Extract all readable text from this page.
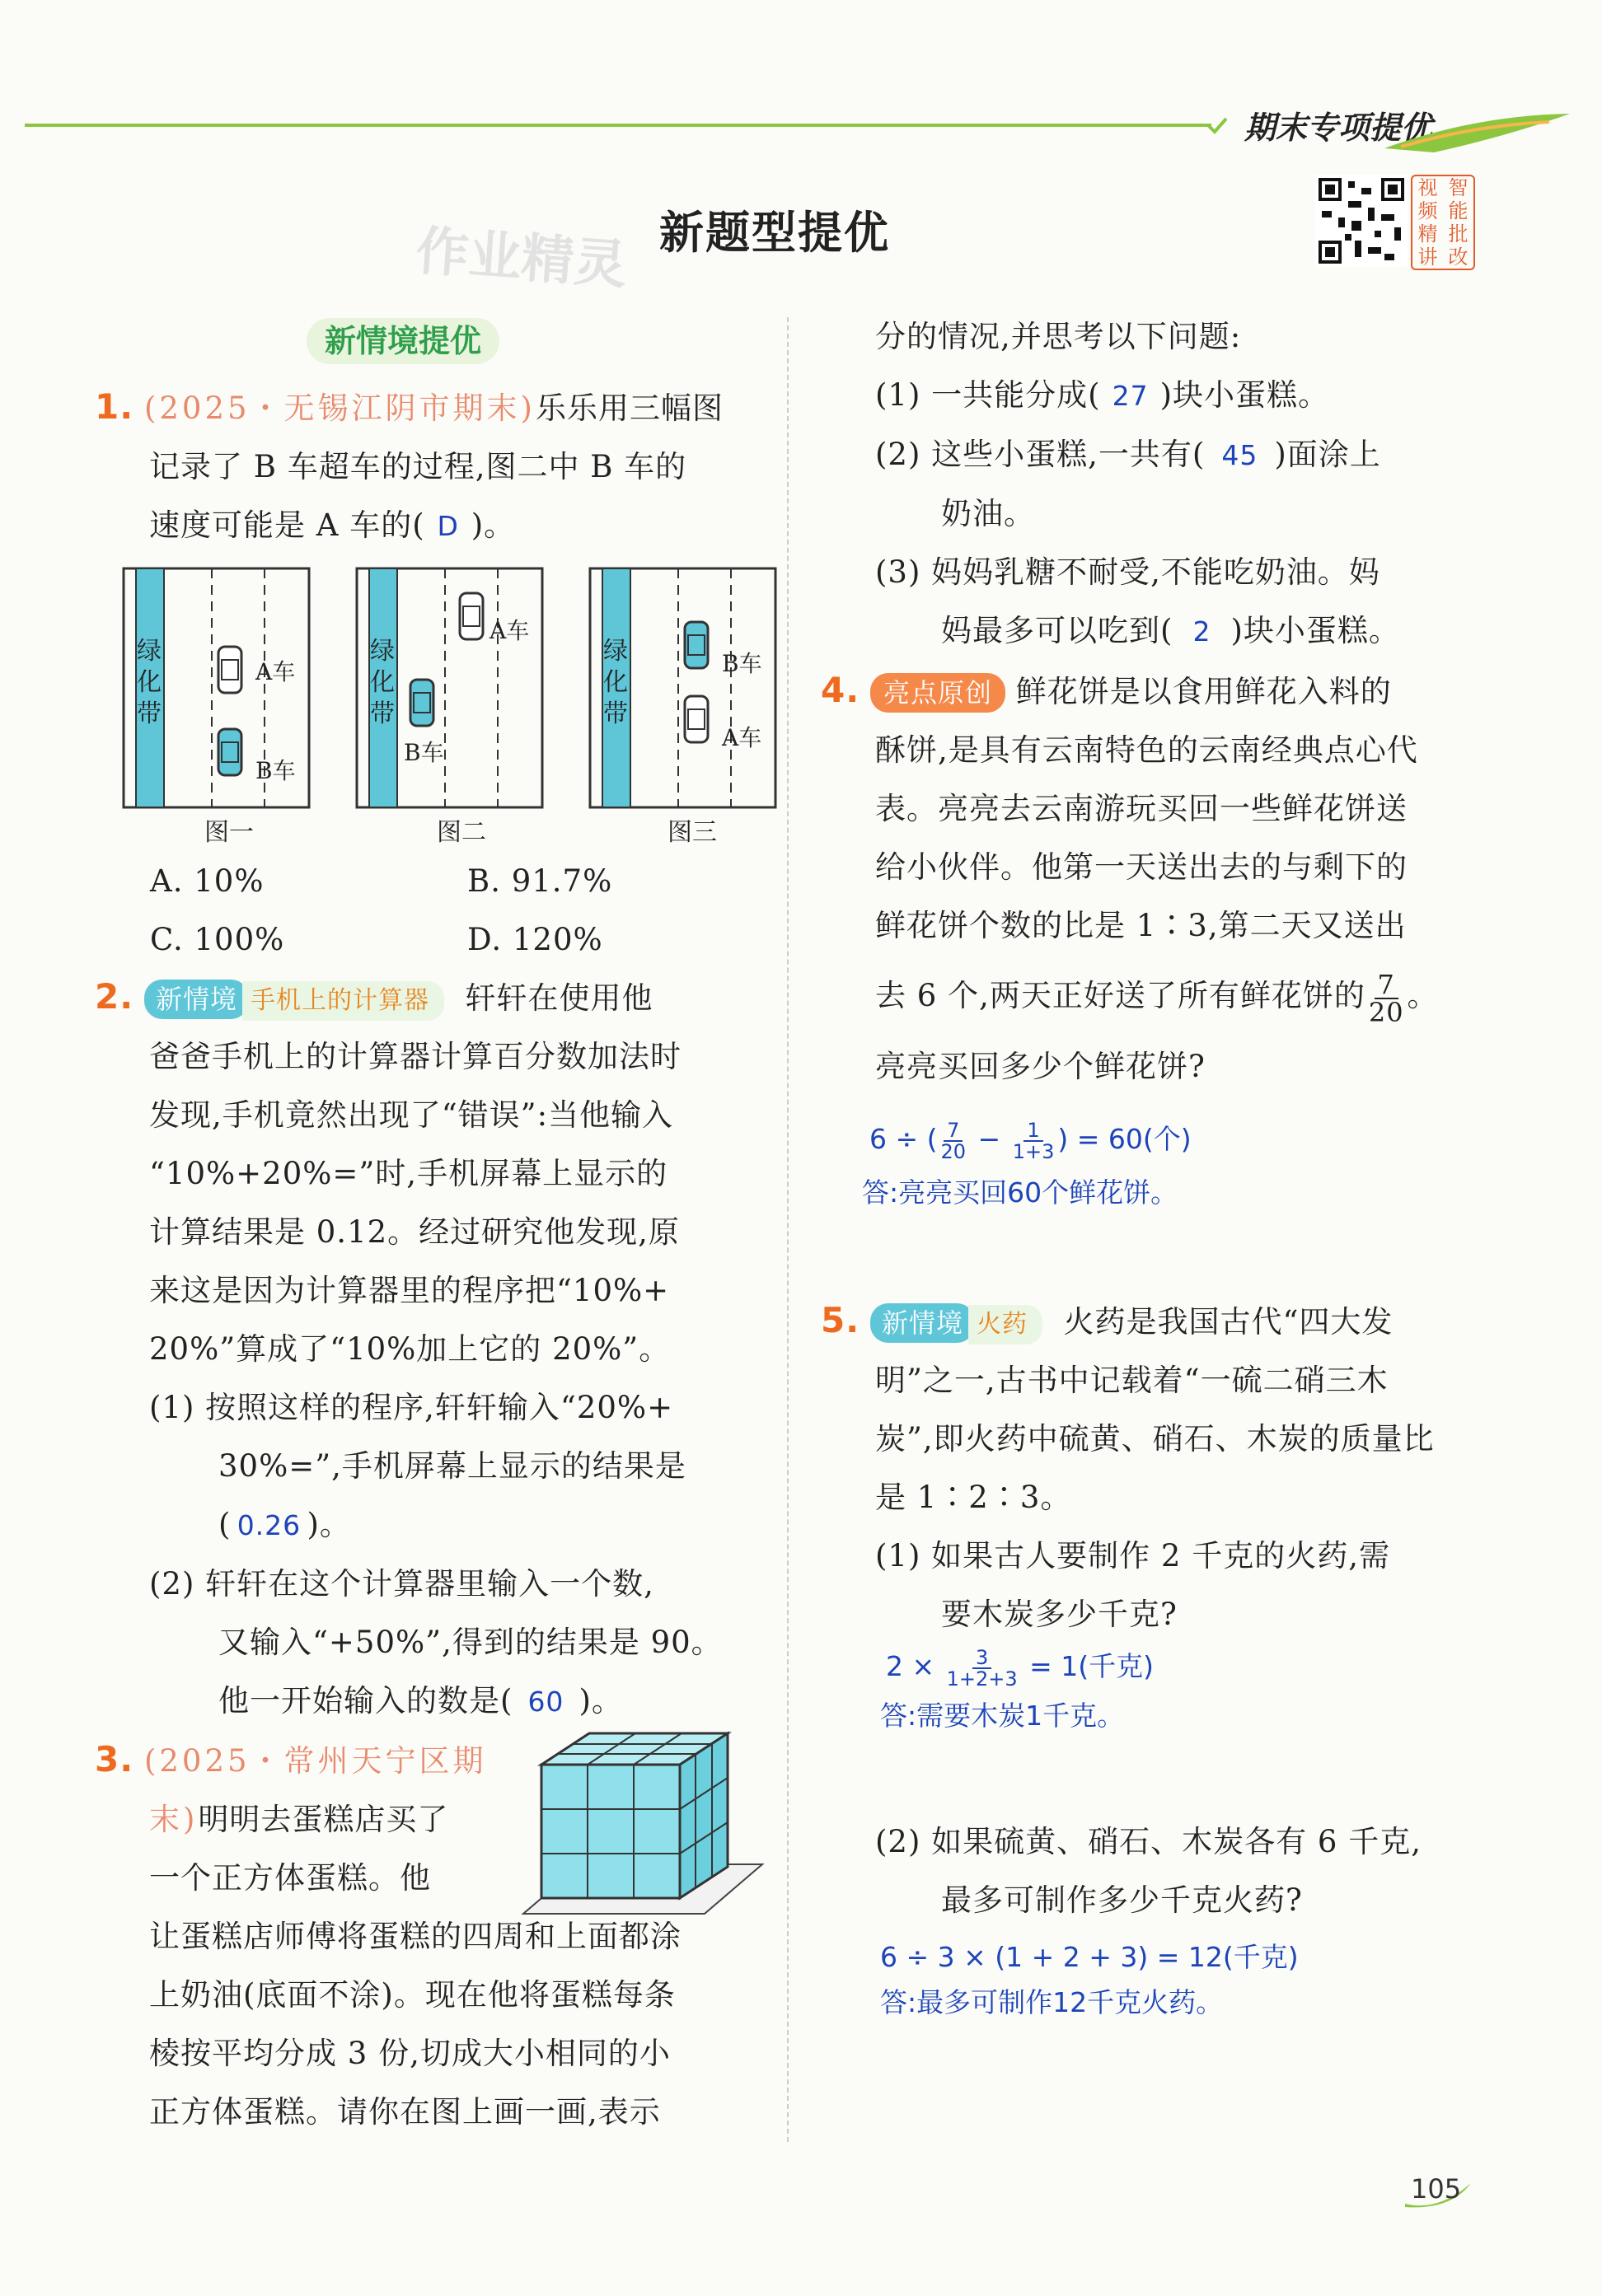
期末专项提优
作业精灵 新题型提优
视 智
频 能
精 批
讲 改
新情境提优
1. (2025・无锡江阴市期末)乐乐用三幅图
记录了 B 车超车的过程,图二中 B 车的
速度可能是 A 车的( D )。
绿化带
绿化带
绿化带
A车
B车
A车
B车
B车
A车
图一	图二	图三
A. 10%	B. 91.7%
C. 100%	D. 120%
2. 新情境 手机上的计算器 轩轩在使用他
爸爸手机上的计算器计算百分数加法时
发现,手机竟然出现了“错误”:当他输入
“10%+20%=”时,手机屏幕上显示的
计算结果是 0.12。经过研究他发现,原
来这是因为计算器里的程序把“10%+
20%”算成了“10%加上它的 20%”。
(1) 按照这样的程序,轩轩输入“20%+
30%=”,手机屏幕上显示的结果是
( 0.26 )。
(2) 轩轩在这个计算器里输入一个数,
又输入“+50%”,得到的结果是 90。
他一开始输入的数是( 60 )。
3. (2025・常州天宁区期
末)明明去蛋糕店买了
一个正方体蛋糕。他
让蛋糕店师傅将蛋糕的四周和上面都涂
上奶油(底面不涂)。现在他将蛋糕每条
棱按平均分成 3 份,切成大小相同的小
正方体蛋糕。请你在图上画一画,表示
分的情况,并思考以下问题:
(1) 一共能分成( 27 )块小蛋糕。
(2) 这些小蛋糕,一共有( 45 )面涂上
奶油。
(3) 妈妈乳糖不耐受,不能吃奶油。妈
妈最多可以吃到( 2 )块小蛋糕。
4. 亮点原创 鲜花饼是以食用鲜花入料的
酥饼,是具有云南特色的云南经典点心代
表。亮亮去云南游玩买回一些鲜花饼送
给小伙伴。他第一天送出去的与剩下的
鲜花饼个数的比是 1∶3,第二天又送出
去 6 个,两天正好送了所有鲜花饼的 $\frac{7}{20}$ 。
亮亮买回多少个鲜花饼?
6 ÷ ( $\frac{7}{20} - \frac{1}{1+3}$ ) = 60(个)
答:亮亮买回60个鲜花饼。
5. 新情境 火药 火药是我国古代“四大发
明”之一,古书中记载着“一硫二硝三木
炭”,即火药中硫黄、硝石、木炭的质量比
是 1∶2∶3。
(1) 如果古人要制作 2 千克的火药,需
要木炭多少千克?
$2 \times \frac{3}{1+2+3} = 1$(千克)
答:需要木炭1千克。
(2) 如果硫黄、硝石、木炭各有 6 千克,
最多可制作多少千克火药?
6 ÷ 3 × (1 + 2 + 3) = 12(千克)
答:最多可制作12千克火药。
105
